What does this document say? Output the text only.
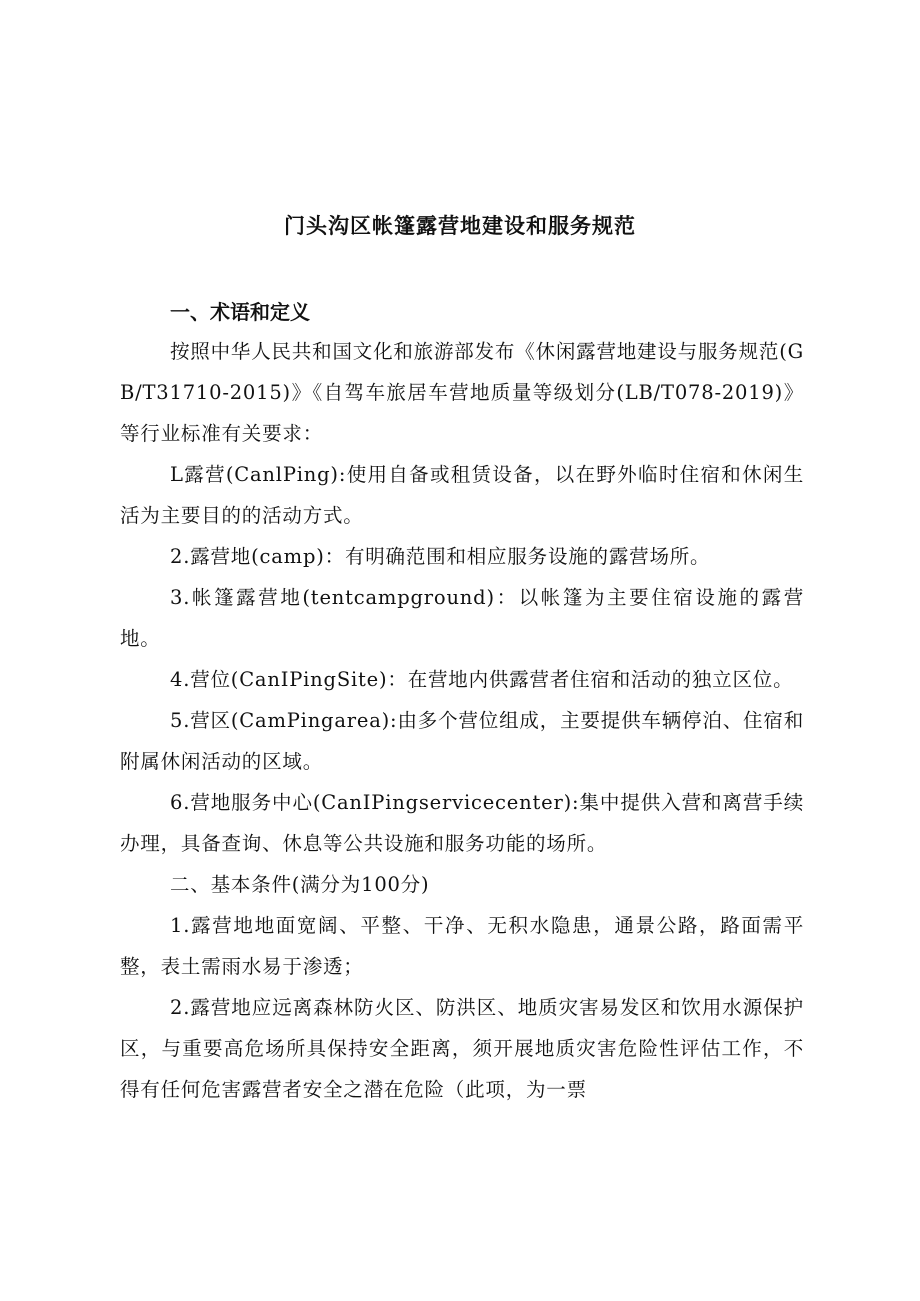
门头沟区帐篷露营地建设和服务规范
一、术语和定义

按照中华人民共和国文化和旅游部发布《休闲露营地建设与服务规范(GB/T31710-2015)》《自驾车旅居车营地质量等级划分(LB/T078-2019)》等行业标准有关要求：

L露营(CanlPing):使用自备或租赁设备，以在野外临时住宿和休闲生活为主要目的的活动方式。

2.露营地(camp)：有明确范围和相应服务设施的露营场所。

3.帐篷露营地(tentcampground)：以帐篷为主要住宿设施的露营地。

4.营位(CanIPingSite)：在营地内供露营者住宿和活动的独立区位。

5.营区(CamPingarea):由多个营位组成，主要提供车辆停泊、住宿和附属休闲活动的区域。

6.营地服务中心(CanIPingservicecenter):集中提供入营和离营手续办理，具备查询、休息等公共设施和服务功能的场所。

二、基本条件(满分为100分)

1.露营地地面宽阔、平整、干净、无积水隐患，通景公路，路面需平整，表土需雨水易于渗透；

2.露营地应远离森林防火区、防洪区、地质灾害易发区和饮用水源保护区，与重要高危场所具保持安全距离，须开展地质灾害危险性评估工作，不得有任何危害露营者安全之潜在危险（此项，为一票
